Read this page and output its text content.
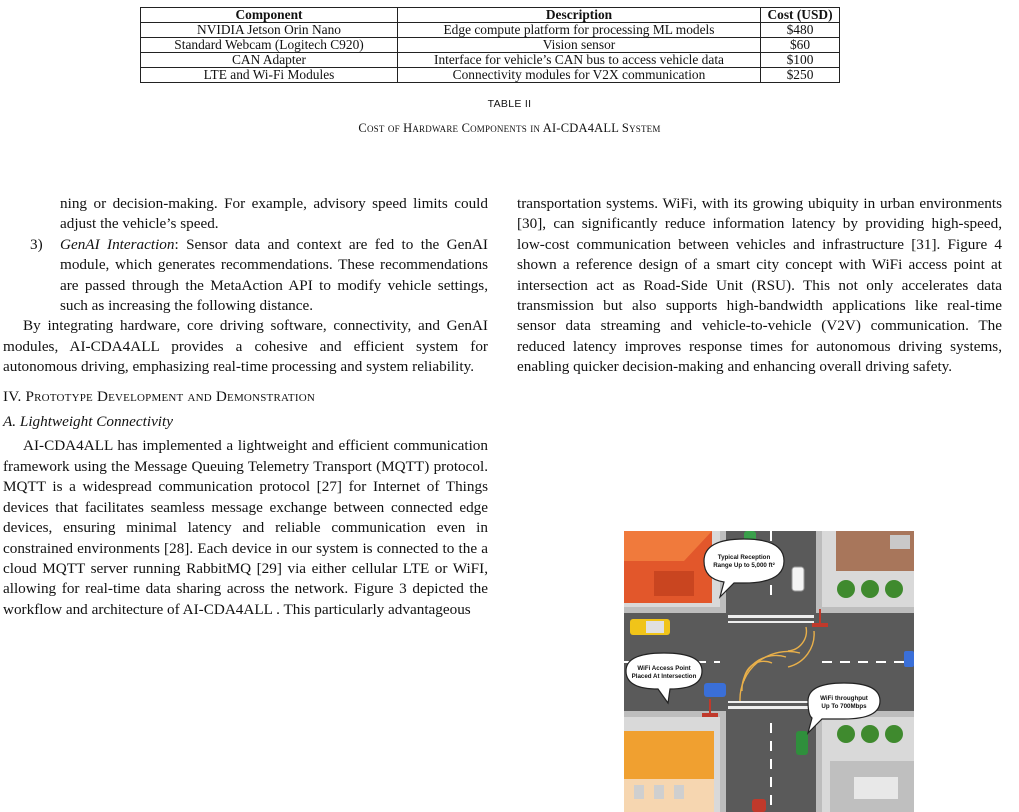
Component	Description	Cost (USD)
NVIDIA Jetson Orin Nano	Edge compute platform for processing ML models	$480
Standard Webcam (Logitech C920)	Vision sensor	$60
CAN Adapter	Interface for vehicle’s CAN bus to access vehicle data	$100
LTE and Wi-Fi Modules	Connectivity modules for V2X communication	$250
TABLE II
Cost of Hardware Components in AI-CDA4ALL System

ning or decision-making. For example, advisory speed limits could adjust the vehicle’s speed.

3) GenAI Interaction: Sensor data and context are fed to the GenAI module, which generates recommendations. These recommendations are passed through the MetaAction API to modify vehicle settings, such as increasing the following distance.

By integrating hardware, core driving software, connectivity, and GenAI modules, AI-CDA4ALL provides a cohesive and efficient system for autonomous driving, emphasizing real-time processing and system reliability.

IV. Prototype Development and Demonstration
A. Lightweight Connectivity

AI-CDA4ALL has implemented a lightweight and efficient communication framework using the Message Queuing Telemetry Transport (MQTT) protocol. MQTT is a widespread communication protocol [27] for Internet of Things devices that facilitates seamless message exchange between connected edge devices, ensuring minimal latency and reliable communication even in constrained environments [28]. Each device in our system is connected to the a cloud MQTT server running RabbitMQ [29] via either cellular LTE or WiFI, allowing for real-time data sharing across the network. Figure 3 depicted the workflow and architecture of AI-CDA4ALL . This particularly advantageous

transportation systems. WiFi, with its growing ubiquity in urban environments [30], can significantly reduce information latency by providing high-speed, low-cost communication between vehicles and infrastructure [31]. Figure 4 shown a reference design of a smart city concept with WiFi access point at intersection act as Road-Side Unit (RSU). This not only accelerates data transmission but also supports high-bandwidth applications like real-time sensor data streaming and vehicle-to-vehicle (V2V) communication. The reduced latency improves response times for autonomous driving systems, enabling quicker decision-making and enhancing overall driving safety.

Typical Reception
Range Up to 5,000 ft²
WiFi Access Point
Placed At Intersection
WiFi throughput
Up To 700Mbps
